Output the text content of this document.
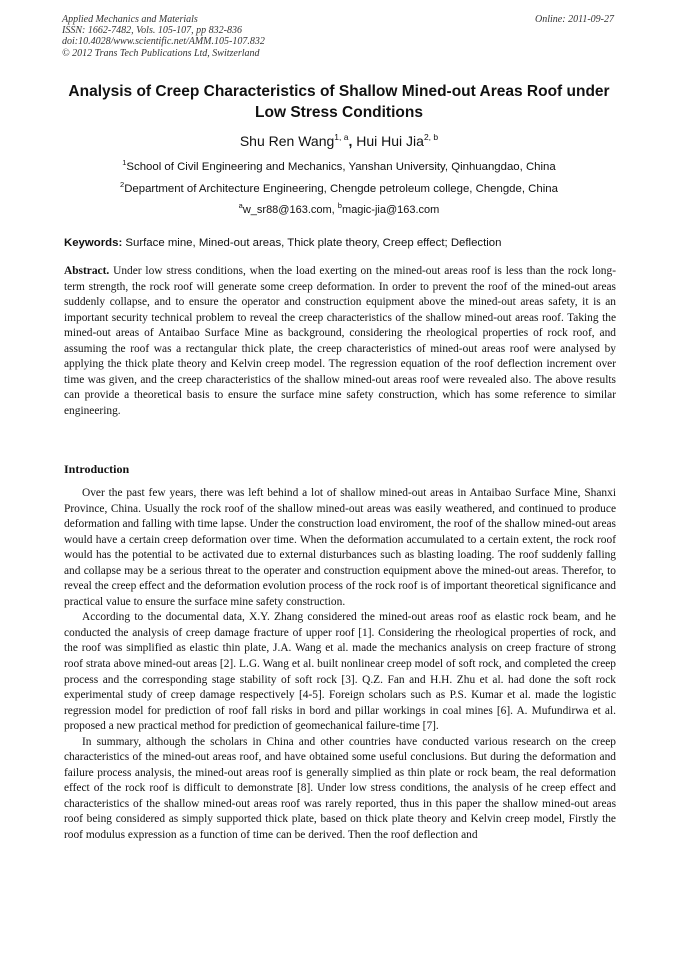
Applied Mechanics and Materials
ISSN: 1662-7482, Vols. 105-107, pp 832-836
doi:10.4028/www.scientific.net/AMM.105-107.832
© 2012 Trans Tech Publications Ltd, Switzerland
Online: 2011-09-27
Analysis of Creep Characteristics of Shallow Mined-out Areas Roof under Low Stress Conditions
Shu Ren Wang$^{1, a}$, Hui Hui Jia$^{2, b}$
$^1$School of Civil Engineering and Mechanics, Yanshan University, Qinhuangdao, China
$^2$Department of Architecture Engineering, Chengde petroleum college, Chengde, China
$^a$w_sr88@163.com, $^b$magic-jia@163.com
Keywords: Surface mine, Mined-out areas, Thick plate theory, Creep effect; Deflection
Abstract. Under low stress conditions, when the load exerting on the mined-out areas roof is less than the rock long-term strength, the rock roof will generate some creep deformation. In order to prevent the roof of the mined-out areas suddenly collapse, and to ensure the operator and construction equipment above the mined-out areas safety, it is an important security technical problem to reveal the creep characteristics of the shallow mined-out areas roof. Taking the mined-out areas of Antaibao Surface Mine as background, considering the rheological properties of rock roof, and assuming the roof was a rectangular thick plate, the creep characteristics of mined-out areas roof were analysed by applying the thick plate theory and Kelvin creep model. The regression equation of the roof deflection increment over time was given, and the creep characteristics of the shallow mined-out areas roof were revealed also. The above results can provide a theoretical basis to ensure the surface mine safety construction, which has some reference to similar engineering.
Introduction

Over the past few years, there was left behind a lot of shallow mined-out areas in Antaibao Surface Mine, Shanxi Province, China. Usually the rock roof of the shallow mined-out areas was easily weathered, and continued to produce deformation and falling with time lapse. Under the construction load enviroment, the roof of the shallow mined-out areas would have a certain creep deformation over time. When the deformation accumulated to a certain extent, the rock roof would has the potential to be activated due to external disturbances such as blasting loading. The roof suddenly falling and collapse may be a serious threat to the operater and construction equipment above the mined-out areas. Therefor, to reveal the creep effect and the deformation evolution process of the rock roof is of important theoretical significance and practical value to ensure the surface mine safety construction.

According to the documental data, X.Y. Zhang considered the mined-out areas roof as elastic rock beam, and he conducted the analysis of creep damage fracture of upper roof [1]. Considering the rheological properties of rock, and the roof was simplified as elastic thin plate, J.A. Wang et al. made the mechanics analysis on creep fracture of strong roof strata above mined-out areas [2]. L.G. Wang et al. built nonlinear creep model of soft rock, and completed the creep process and the corresponding stage stability of soft rock [3]. Q.Z. Fan and H.H. Zhu et al. had done the soft rock experimental study of creep damage respectively [4-5]. Foreign scholars such as P.S. Kumar et al. made the logistic regression model for prediction of roof fall risks in bord and pillar workings in coal mines [6]. A. Mufundirwa et al. proposed a new practical method for prediction of geomechanical failure-time [7].

In summary, although the scholars in China and other countries have conducted various research on the creep characteristics of the mined-out areas roof, and have obtained some useful conclusions. But during the deformation and failure process analysis, the mined-out areas roof is generally simplied as thin plate or rock beam, the real deformation effect of the rock roof is difficult to demonstrate [8]. Under low stress conditions, the analysis of he creep effect and characteristics of the shallow mined-out areas roof was rarely reported, thus in this paper the shallow mined-out areas roof being considered as simply supported thick plate, based on thick plate theory and Kelvin creep model, Firstly the roof modulus expression as a function of time can be derived. Then the roof deflection and
